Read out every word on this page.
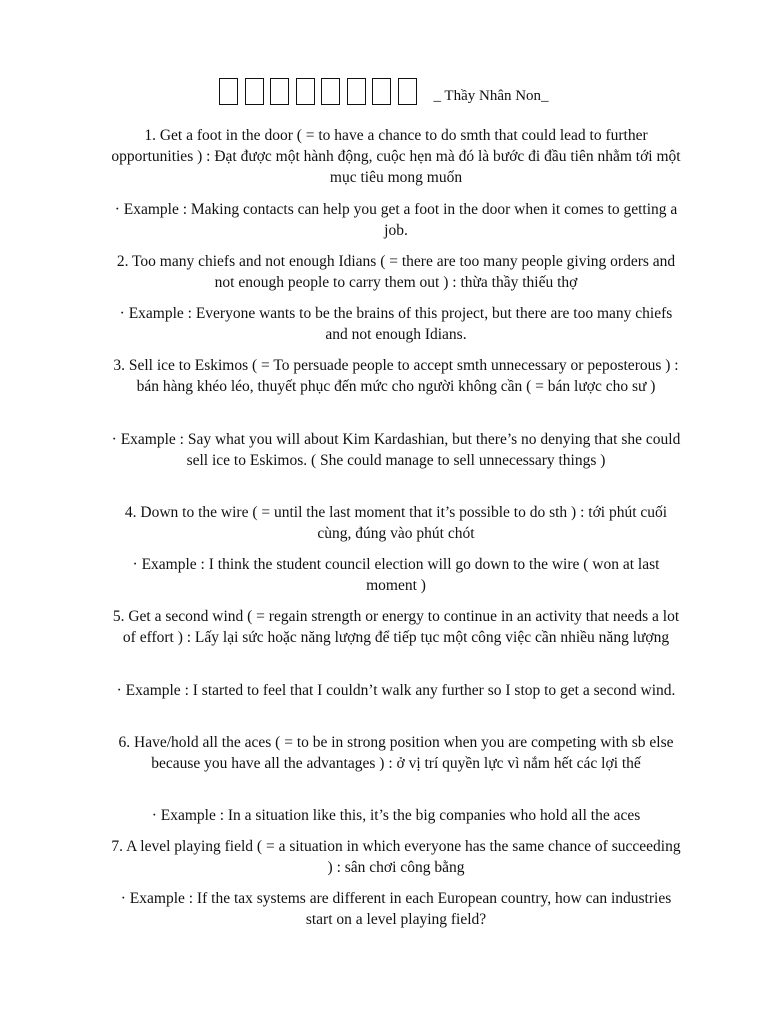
_ Thầy Nhân Non_
1. Get a foot in the door ( = to have a chance to do smth that could lead to further opportunities ) : Đạt được một hành động, cuộc hẹn mà đó là bước đi đầu tiên nhằm tới một mục tiêu mong muốn
· Example : Making contacts can help you get a foot in the door when it comes to getting a job.
2. Too many chiefs and not enough Idians ( = there are too many people giving orders and not enough people to carry them out ) : thừa thầy thiếu thợ
· Example : Everyone wants to be the brains of this project, but there are too many chiefs and not enough Idians.
3. Sell ice to Eskimos ( = To persuade people to accept smth unnecessary or peposterous ) : bán hàng khéo léo, thuyết phục đến mức cho người không cần ( = bán lược cho sư )
· Example : Say what you will about Kim Kardashian, but there’s no denying that she could sell ice to Eskimos. ( She could manage to sell unnecessary things )
4. Down to the wire ( = until the last moment that it’s possible to do sth ) : tới phút cuối cùng, đúng vào phút chót
· Example : I think the student council election will go down to the wire ( won at last moment )
5. Get a second wind ( = regain strength or energy to continue in an activity that needs a lot of effort ) : Lấy lại sức hoặc năng lượng để tiếp tục một công việc cần nhiều năng lượng
· Example : I started to feel that I couldn’t walk any further so I stop to get a second wind.
6. Have/hold all the aces ( = to be in strong position when you are competing with sb else because you have all the advantages ) : ở vị trí quyền lực vì nắm hết các lợi thế
· Example : In a situation like this, it’s the big companies who hold all the aces
7. A level playing field ( = a situation in which everyone has the same chance of succeeding ) : sân chơi công bằng
· Example : If the tax systems are different in each European country, how can industries start on a level playing field?
